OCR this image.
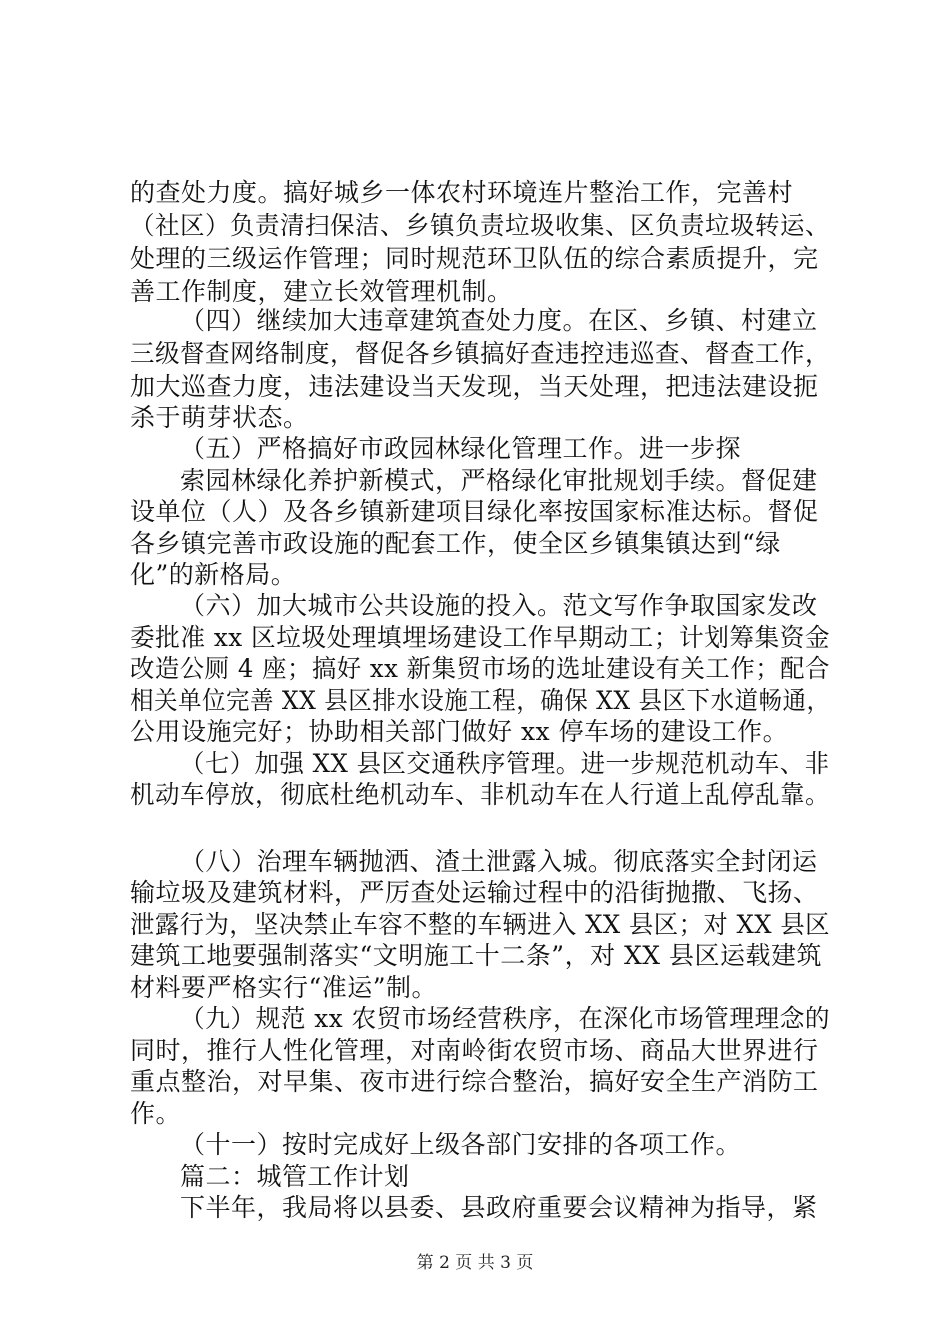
的查处力度。搞好城乡一体农村环境连片整治工作，完善村
（社区）负责清扫保洁、乡镇负责垃圾收集、区负责垃圾转运、
处理的三级运作管理；同时规范环卫队伍的综合素质提升，完
善工作制度，建立长效管理机制。
（四）继续加大违章建筑查处力度。在区、乡镇、村建立
三级督查网络制度，督促各乡镇搞好查违控违巡查、督查工作，
加大巡查力度，违法建设当天发现，当天处理，把违法建设扼
杀于萌芽状态。
（五）严格搞好市政园林绿化管理工作。进一步探
索园林绿化养护新模式，严格绿化审批规划手续。督促建
设单位（人）及各乡镇新建项目绿化率按国家标准达标。督促
各乡镇完善市政设施的配套工作，使全区乡镇集镇达到“绿
化”的新格局。
（六）加大城市公共设施的投入。范文写作争取国家发改
委批准 xx 区垃圾处理填埋场建设工作早期动工；计划筹集资金
改造公厕 4 座；搞好 xx 新集贸市场的选址建设有关工作；配合
相关单位完善 XX 县区排水设施工程，确保 XX 县区下水道畅通，
公用设施完好；协助相关部门做好 xx 停车场的建设工作。
（七）加强 XX 县区交通秩序管理。进一步规范机动车、非
机动车停放，彻底杜绝机动车、非机动车在人行道上乱停乱靠。
（八）治理车辆抛洒、渣土泄露入城。彻底落实全封闭运
输垃圾及建筑材料，严厉查处运输过程中的沿街抛撒、飞扬、
泄露行为，坚决禁止车容不整的车辆进入 XX 县区；对 XX 县区
建筑工地要强制落实“文明施工十二条”，对 XX 县区运载建筑
材料要严格实行“准运”制。
（九）规范 xx 农贸市场经营秩序，在深化市场管理理念的
同时，推行人性化管理，对南岭街农贸市场、商品大世界进行
重点整治，对早集、夜市进行综合整治，搞好安全生产消防工
作。
（十一）按时完成好上级各部门安排的各项工作。
篇二：城管工作计划
下半年，我局将以县委、县政府重要会议精神为指导，紧
第 2 页 共 3 页
